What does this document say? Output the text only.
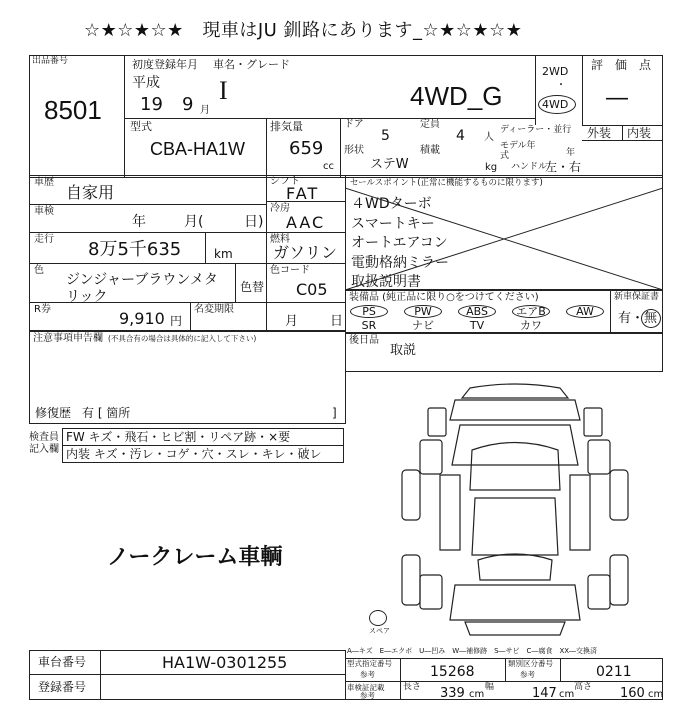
☆★☆★☆★　現車はJU 釧路にあります_☆★☆★☆★
出品番号
8501
初度登録年月 車名・グレード
平成
19 9 月
I	4WD_G
2WD
・
4WD
評　価　点
―
外装 内装
型式
CBA-HA1W
排気量
659
cc
ドア
5
定員
4 人
ディーラー・並行
モデル年式	年
形状
ステW
積載
kg ハンドル
左・右
車歴
自家用
車検
年	月(	日)
走行 8万5千635	km
シフト
FAT
冷房
AAC
燃料
ガソリン
色
ジンジャーブラウンメタリック
色替
色コード
C05
R券	9,910 円
名変期限
月 日
注意事項申告欄 (不具合有の場合は具体的に記入して下さい)
修復歴 有 [ 箇所	]
検査員記入欄
FW キズ・飛石・ヒビ割・リペア跡・×要
内装 キズ・汚レ・コゲ・穴・スレ・キレ・破レ
ノークレーム車輌
セールスポイント(正常に機能するものに限ります)
４WDターボ
スマートキー
オートエアコン
電動格納ミラー
取扱説明書
装備品 (純正品に限り○をつけてください)
PS
SR
PW
ナビ
ABS
TV
エアB
カワ
AW
新車保証書
有・無
後日品
取説
スペア
A―キズ　E―エクボ　U―凹み　W―補修跡　S―サビ　C―腐食　XX―交換済
車台番号	HA1W-0301255
登録番号
型式指定番号
参考	15268
類別区分番号
参考	0211
車検証記載
参考
長さ 339 cm
幅	147 cm
高さ 160 cm
